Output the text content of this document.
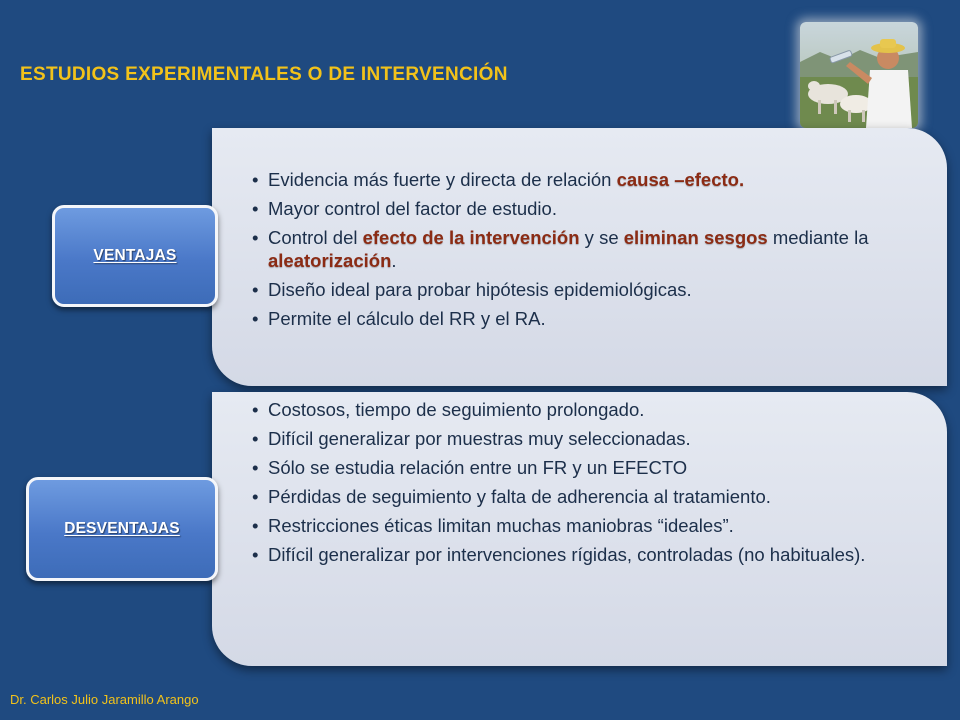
ESTUDIOS EXPERIMENTALES O DE INTERVENCIÓN
• Evidencia más fuerte y directa de relación causa –efecto.
• Mayor control del factor de estudio.
• Control del efecto de la intervención y se eliminan sesgos mediante la aleatorización.
• Diseño ideal para probar hipótesis epidemiológicas.
• Permite el cálculo del RR y el RA.
• Costosos, tiempo de seguimiento prolongado.
• Difícil generalizar por muestras muy seleccionadas.
• Sólo se estudia relación entre un FR y un EFECTO
• Pérdidas de seguimiento y falta de adherencia al tratamiento.
• Restricciones éticas limitan muchas maniobras “ideales”.
• Difícil generalizar por intervenciones rígidas, controladas (no habituales).
VENTAJAS
DESVENTAJAS
Dr. Carlos Julio Jaramillo Arango
